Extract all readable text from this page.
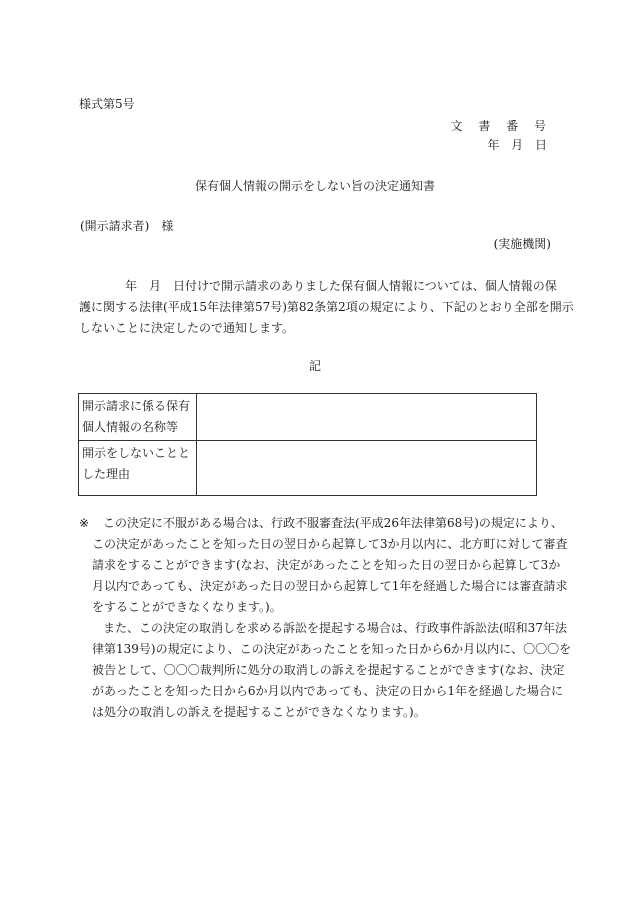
様式第5号
文 書 番 号
年 月 日
保有個人情報の開示をしない旨の決定通知書
(開示請求者)　様
(実施機関)
年　月　日付けで開示請求のありました保有個人情報については、個人情報の保
護に関する法律(平成15年法律第57号)第82条第2項の規定により、下記のとおり全部を開示
しないことに決定したので通知します。
記
開示請求に係る保有個人情報の名称等	
開示をしないこととした理由	
※	この決定に不服がある場合は、行政不服審査法(平成26年法律第68号)の規定により、
この決定があったことを知った日の翌日から起算して3か月以内に、北方町に対して審査
請求をすることができます(なお、決定があったことを知った日の翌日から起算して3か
月以内であっても、決定があった日の翌日から起算して1年を経過した場合には審査請求
をすることができなくなります。)。
また、この決定の取消しを求める訴訟を提起する場合は、行政事件訴訟法(昭和37年法
律第139号)の規定により、この決定があったことを知った日から6か月以内に、〇〇〇を
被告として、〇〇〇裁判所に処分の取消しの訴えを提起することができます(なお、決定
があったことを知った日から6か月以内であっても、決定の日から1年を経過した場合に
は処分の取消しの訴えを提起することができなくなります。)。
